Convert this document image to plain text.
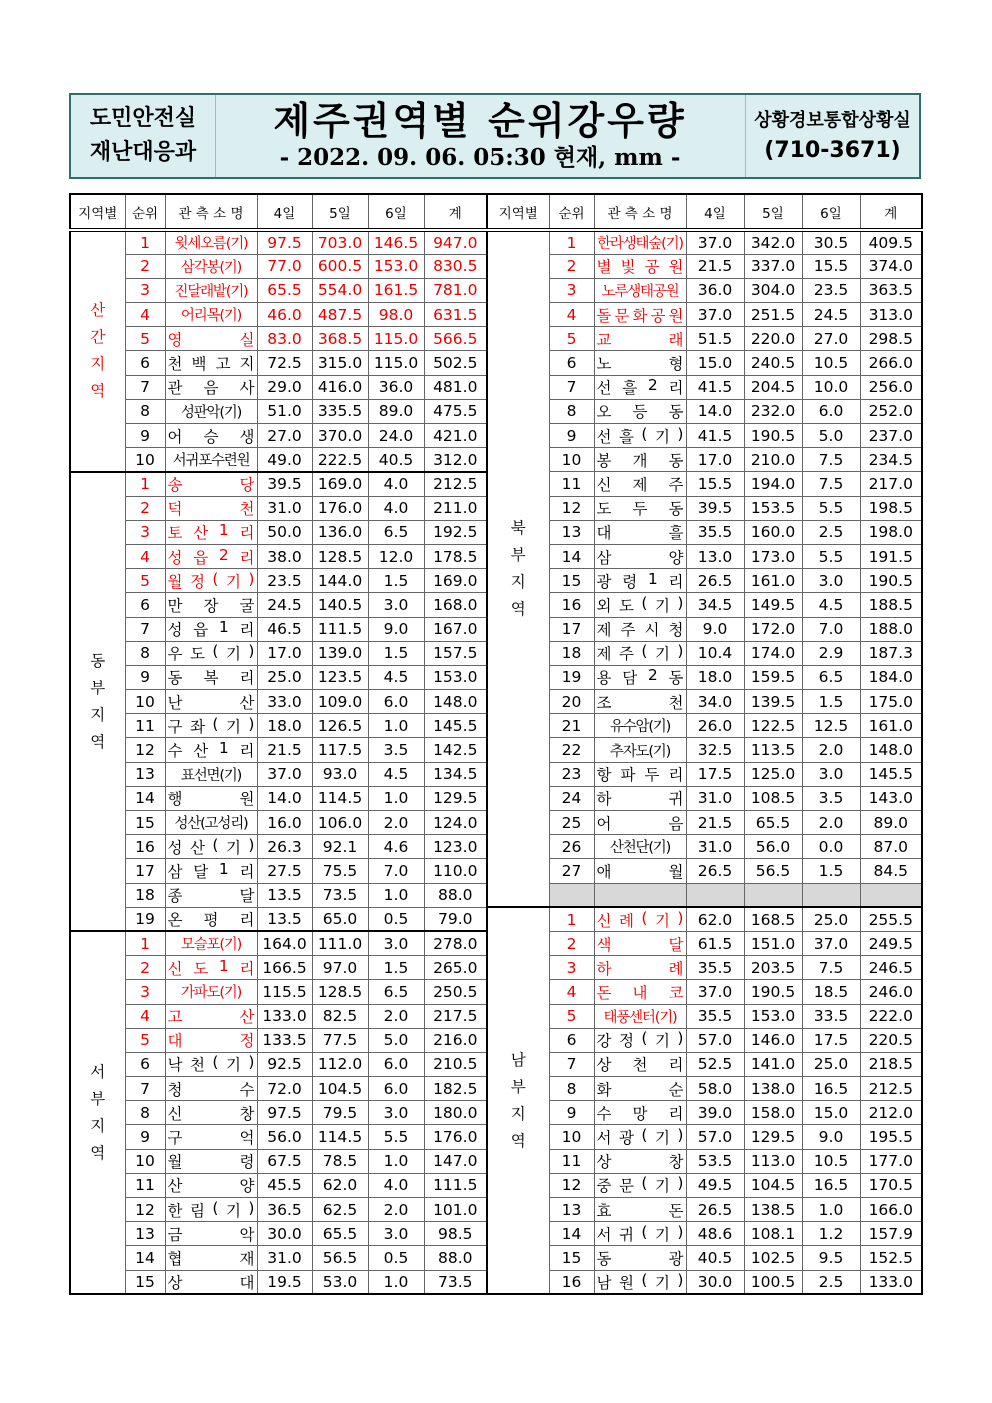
도민안전실
재난대응과
제주권역별 순위강우량
- 2022. 09. 06. 05:30 현재, mm -
상황경보통합상황실
(710-3671)
지역별	순위	관 측 소 명	4일	5일	6일	계

산
간
지
역	1	윗세오름(기)	97.5	703.0	146.5	947.0
	2	삼각봉(기)	77.0	600.5	153.0	830.5
	3	진달래밭(기)	65.5	554.0	161.5	781.0
	4	어리목(기)	46.0	487.5	98.0	631.5
	5	영 실	83.0	368.5	115.0	566.5
	6	천 백 고 지	72.5	315.0	115.0	502.5
	7	관 음 사	29.0	416.0	36.0	481.0
	8	성판악(기)	51.0	335.5	89.0	475.5
	9	어 승 생	27.0	370.0	24.0	421.0
	10	서귀포수련원	49.0	222.5	40.5	312.0

동
부
지
역	1	송 당	39.5	169.0	4.0	212.5
	2	덕 천	31.0	176.0	4.0	211.0
	3	토 산 1 리	50.0	136.0	6.5	192.5
	4	성 읍 2 리	38.0	128.5	12.0	178.5
	5	월 정 ( 기 )	23.5	144.0	1.5	169.0
	6	만 장 굴	24.5	140.5	3.0	168.0
	7	성 읍 1 리	46.5	111.5	9.0	167.0
	8	우 도 ( 기 )	17.0	139.0	1.5	157.5
	9	동 복 리	25.0	123.5	4.5	153.0
	10	난 산	33.0	109.0	6.0	148.0
	11	구 좌 ( 기 )	18.0	126.5	1.0	145.5
	12	수 산 1 리	21.5	117.5	3.5	142.5
	13	표선면(기)	37.0	93.0	4.5	134.5
	14	행 원	14.0	114.5	1.0	129.5
	15	성산(고성리)	16.0	106.0	2.0	124.0
	16	성 산 ( 기 )	26.3	92.1	4.6	123.0
	17	삼 달 1 리	27.5	75.5	7.0	110.0
	18	종 달	13.5	73.5	1.0	88.0
	19	온 평 리	13.5	65.0	0.5	79.0

서
부
지
역	1	모슬포(기)	164.0	111.0	3.0	278.0
	2	신 도 1 리	166.5	97.0	1.5	265.0
	3	가파도(기)	115.5	128.5	6.5	250.5
	4	고 산	133.0	82.5	2.0	217.5
	5	대 정	133.5	77.5	5.0	216.0
	6	낙 천 ( 기 )	92.5	112.0	6.0	210.5
	7	청 수	72.0	104.5	6.0	182.5
	8	신 창	97.5	79.5	3.0	180.0
	9	구 억	56.0	114.5	5.5	176.0
	10	월 령	67.5	78.5	1.0	147.0
	11	산 양	45.5	62.0	4.0	111.5
	12	한 림 ( 기 )	36.5	62.5	2.0	101.0
	13	금 악	30.0	65.5	3.0	98.5
	14	협 재	31.0	56.5	0.5	88.0
	15	상 대	19.5	53.0	1.0	73.5
지역별	순위	관 측 소 명	4일	5일	6일	계

북
부
지
역	1	한라생태숲(기)	37.0	342.0	30.5	409.5
	2	별 빛 공 원	21.5	337.0	15.5	374.0
	3	노루생태공원	36.0	304.0	23.5	363.5
	4	돌 문 화 공 원	37.0	251.5	24.5	313.0
	5	교 래	51.5	220.0	27.0	298.5
	6	노 형	15.0	240.5	10.5	266.0
	7	선 흘 2 리	41.5	204.5	10.0	256.0
	8	오 등 동	14.0	232.0	6.0	252.0
	9	선 흘 ( 기 )	41.5	190.5	5.0	237.0
	10	봉 개 동	17.0	210.0	7.5	234.5
	11	신 제 주	15.5	194.0	7.5	217.0
	12	도 두 동	39.5	153.5	5.5	198.5
	13	대 흘	35.5	160.0	2.5	198.0
	14	삼 양	13.0	173.0	5.5	191.5
	15	광 령 1 리	26.5	161.0	3.0	190.5
	16	외 도 ( 기 )	34.5	149.5	4.5	188.5
	17	제 주 시 청	9.0	172.0	7.0	188.0
	18	제 주 ( 기 )	10.4	174.0	2.9	187.3
	19	용 담 2 동	18.0	159.5	6.5	184.0
	20	조 천	34.0	139.5	1.5	175.0
	21	유수암(기)	26.0	122.5	12.5	161.0
	22	추자도(기)	32.5	113.5	2.0	148.0
	23	항 파 두 리	17.5	125.0	3.0	145.5
	24	하 귀	31.0	108.5	3.5	143.0
	25	어 음	21.5	65.5	2.0	89.0
	26	산천단(기)	31.0	56.0	0.0	87.0
	27	애 월	26.5	56.5	1.5	84.5

남
부
지
역	1	신 례 ( 기 )	62.0	168.5	25.0	255.5
	2	색 달	61.5	151.0	37.0	249.5
	3	하 례	35.5	203.5	7.5	246.5
	4	돈 내 코	37.0	190.5	18.5	246.0
	5	태풍센터(기)	35.5	153.0	33.5	222.0
	6	강 정 ( 기 )	57.0	146.0	17.5	220.5
	7	상 천 리	52.5	141.0	25.0	218.5
	8	화 순	58.0	138.0	16.5	212.5
	9	수 망 리	39.0	158.0	15.0	212.0
	10	서 광 ( 기 )	57.0	129.5	9.0	195.5
	11	상 창	53.5	113.0	10.5	177.0
	12	중 문 ( 기 )	49.5	104.5	16.5	170.5
	13	효 돈	26.5	138.5	1.0	166.0
	14	서 귀 ( 기 )	48.6	108.1	1.2	157.9
	15	동 광	40.5	102.5	9.5	152.5
	16	남 원 ( 기 )	30.0	100.5	2.5	133.0
